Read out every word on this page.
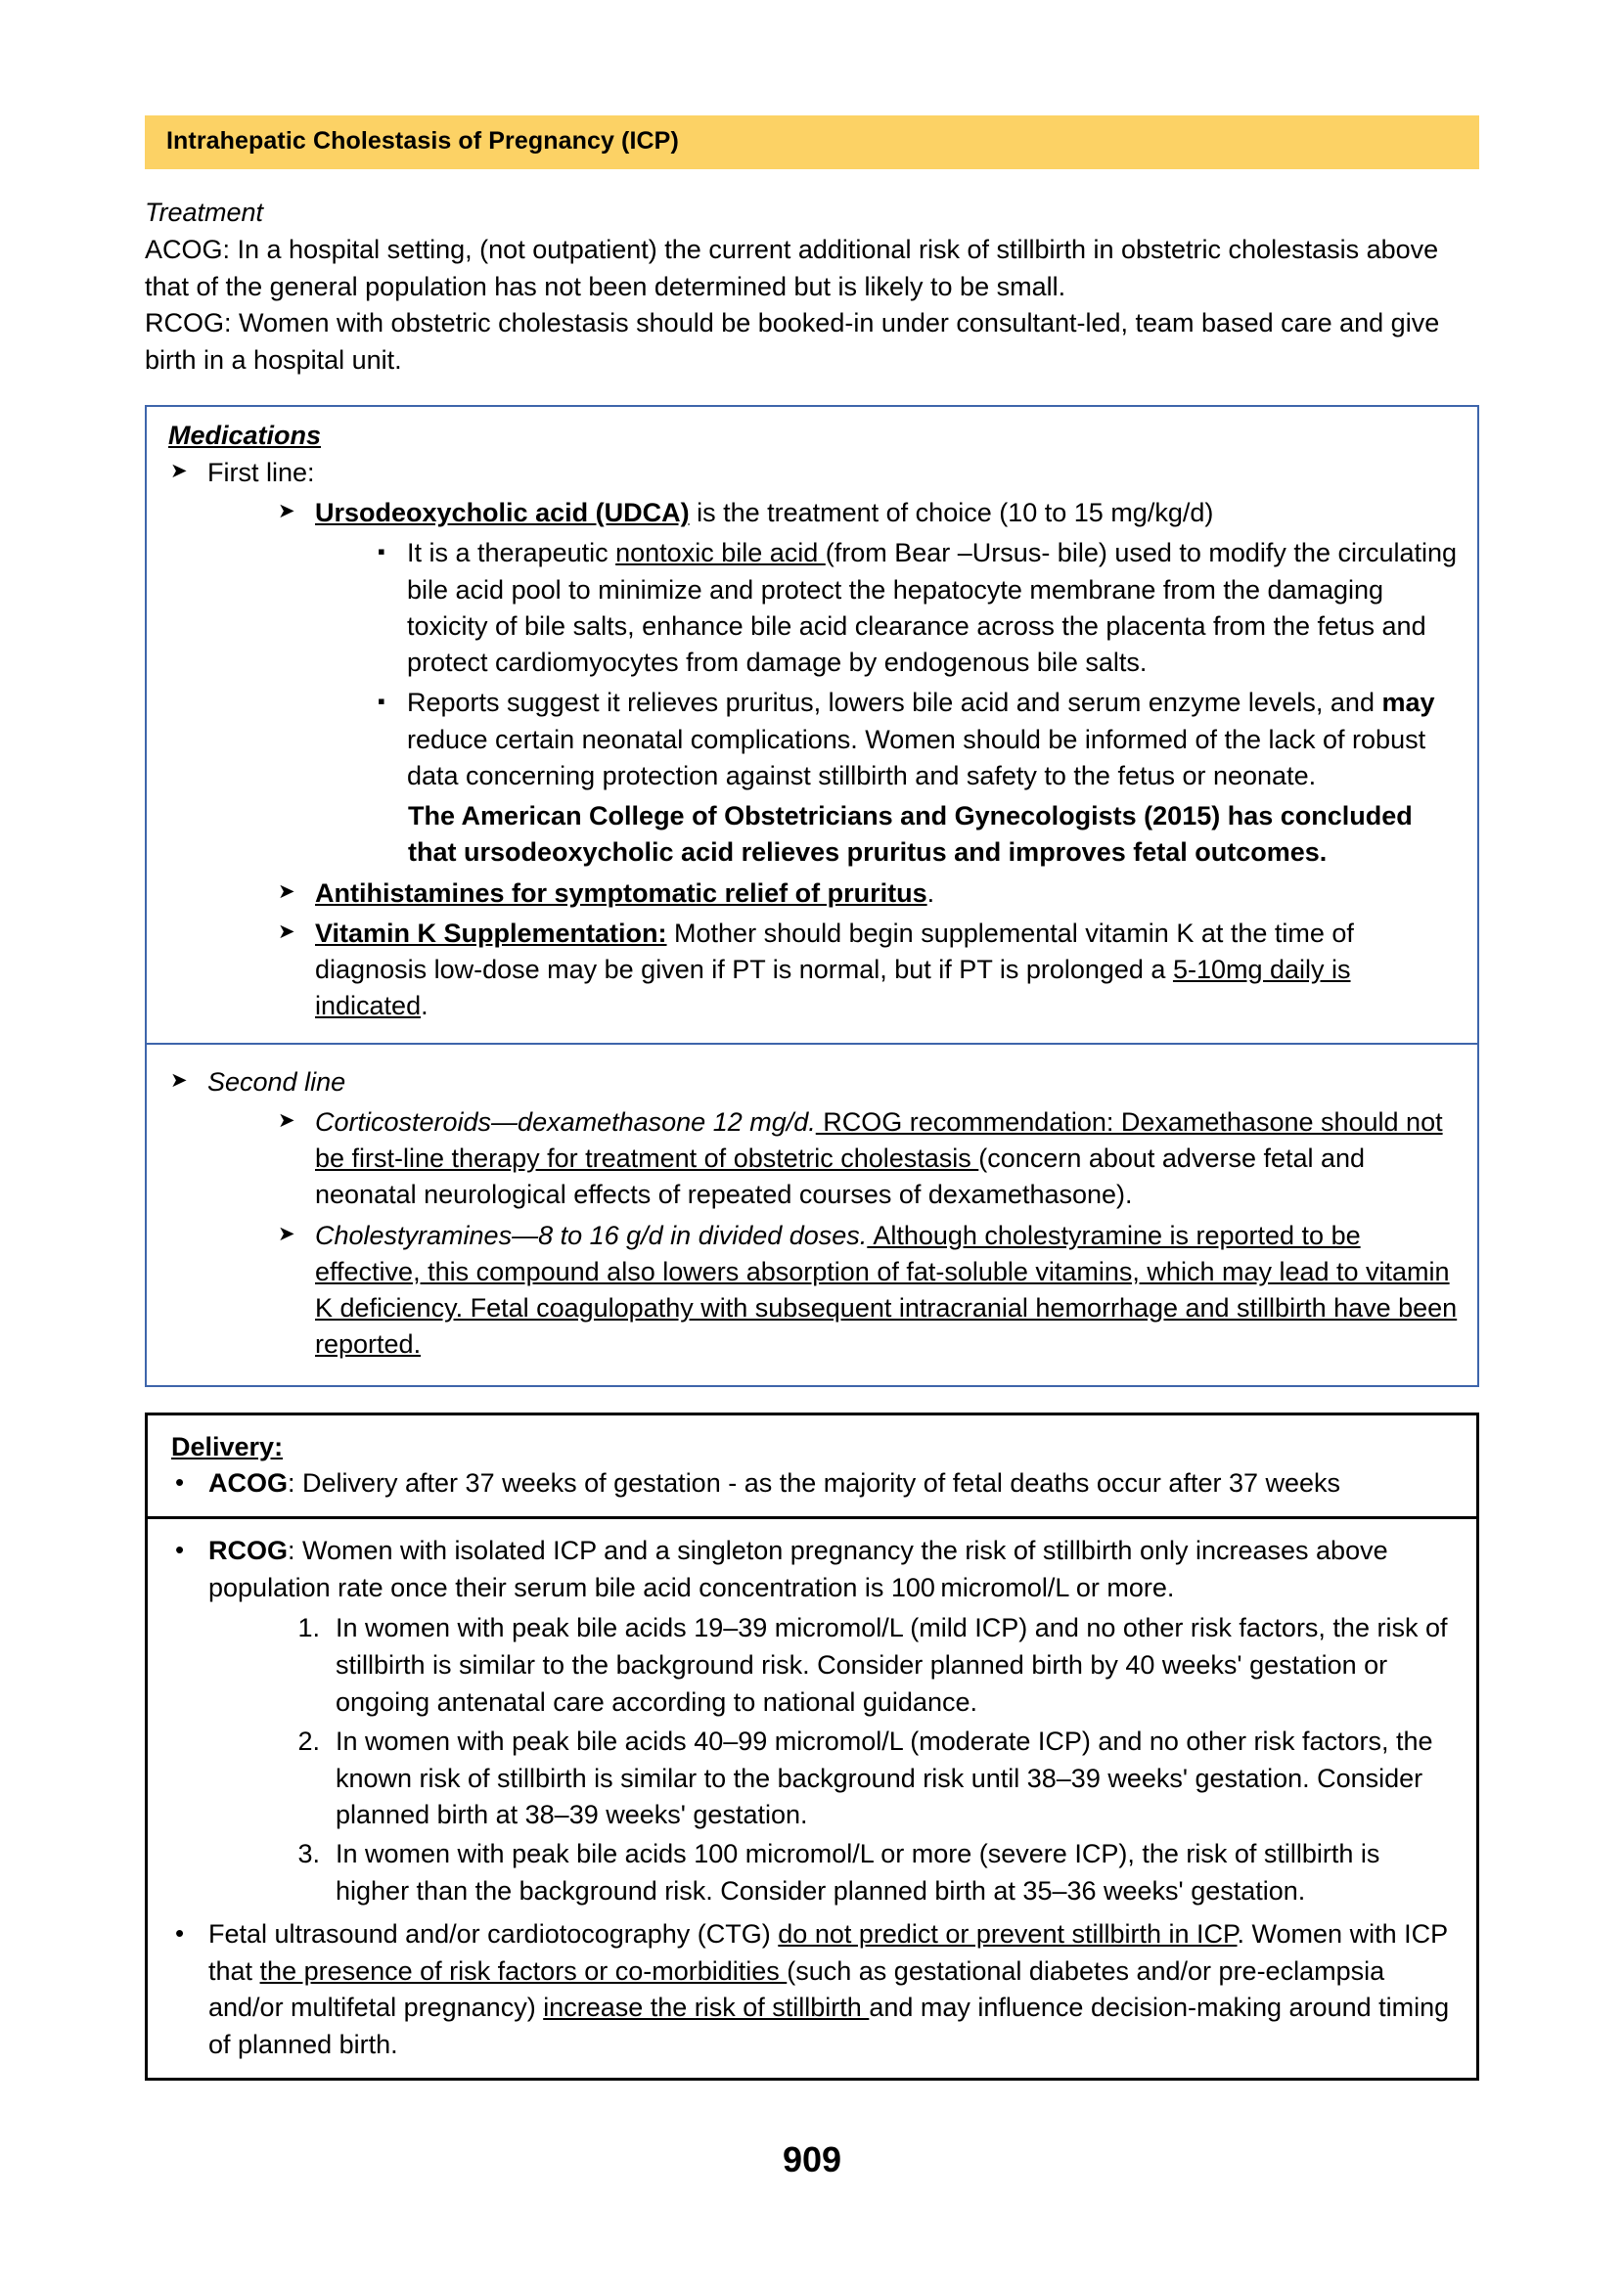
Intrahepatic Cholestasis of Pregnancy (ICP)
Treatment
ACOG: In a hospital setting, (not outpatient) the current additional risk of stillbirth in obstetric cholestasis above that of the general population has not been determined but is likely to be small.
RCOG: Women with obstetric cholestasis should be booked-in under consultant-led, team based care and give birth in a hospital unit.
Medications
➤ First line:
➤ Ursodeoxycholic acid (UDCA) is the treatment of choice (10 to 15 mg/kg/d)
▪ It is a therapeutic nontoxic bile acid (from Bear –Ursus- bile) used to modify the circulating bile acid pool to minimize and protect the hepatocyte membrane from the damaging toxicity of bile salts, enhance bile acid clearance across the placenta from the fetus and protect cardiomyocytes from damage by endogenous bile salts.
▪ Reports suggest it relieves pruritus, lowers bile acid and serum enzyme levels, and may reduce certain neonatal complications. Women should be informed of the lack of robust data concerning protection against stillbirth and safety to the fetus or neonate.
The American College of Obstetricians and Gynecologists (2015) has concluded that ursodeoxycholic acid relieves pruritus and improves fetal outcomes.
➤ Antihistamines for symptomatic relief of pruritus.
➤ Vitamin K Supplementation: Mother should begin supplemental vitamin K at the time of diagnosis low-dose may be given if PT is normal, but if PT is prolonged a 5-10mg daily is indicated.
➤ Second line
➤ Corticosteroids—dexamethasone 12 mg/d. RCOG recommendation: Dexamethasone should not be first-line therapy for treatment of obstetric cholestasis (concern about adverse fetal and neonatal neurological effects of repeated courses of dexamethasone).
➤ Cholestyramines—8 to 16 g/d in divided doses. Although cholestyramine is reported to be effective, this compound also lowers absorption of fat-soluble vitamins, which may lead to vitamin K deficiency. Fetal coagulopathy with subsequent intracranial hemorrhage and stillbirth have been reported.
Delivery:
• ACOG: Delivery after 37 weeks of gestation - as the majority of fetal deaths occur after 37 weeks
• RCOG: Women with isolated ICP and a singleton pregnancy the risk of stillbirth only increases above population rate once their serum bile acid concentration is 100 micromol/L or more.
1. In women with peak bile acids 19–39 micromol/L (mild ICP) and no other risk factors, the risk of stillbirth is similar to the background risk. Consider planned birth by 40 weeks' gestation or ongoing antenatal care according to national guidance.
2. In women with peak bile acids 40–99 micromol/L (moderate ICP) and no other risk factors, the known risk of stillbirth is similar to the background risk until 38–39 weeks' gestation. Consider planned birth at 38–39 weeks' gestation.
3. In women with peak bile acids 100 micromol/L or more (severe ICP), the risk of stillbirth is higher than the background risk. Consider planned birth at 35–36 weeks' gestation.
• Fetal ultrasound and/or cardiotocography (CTG) do not predict or prevent stillbirth in ICP. Women with ICP that the presence of risk factors or co-morbidities (such as gestational diabetes and/or pre-eclampsia and/or multifetal pregnancy) increase the risk of stillbirth and may influence decision-making around timing of planned birth.
909
